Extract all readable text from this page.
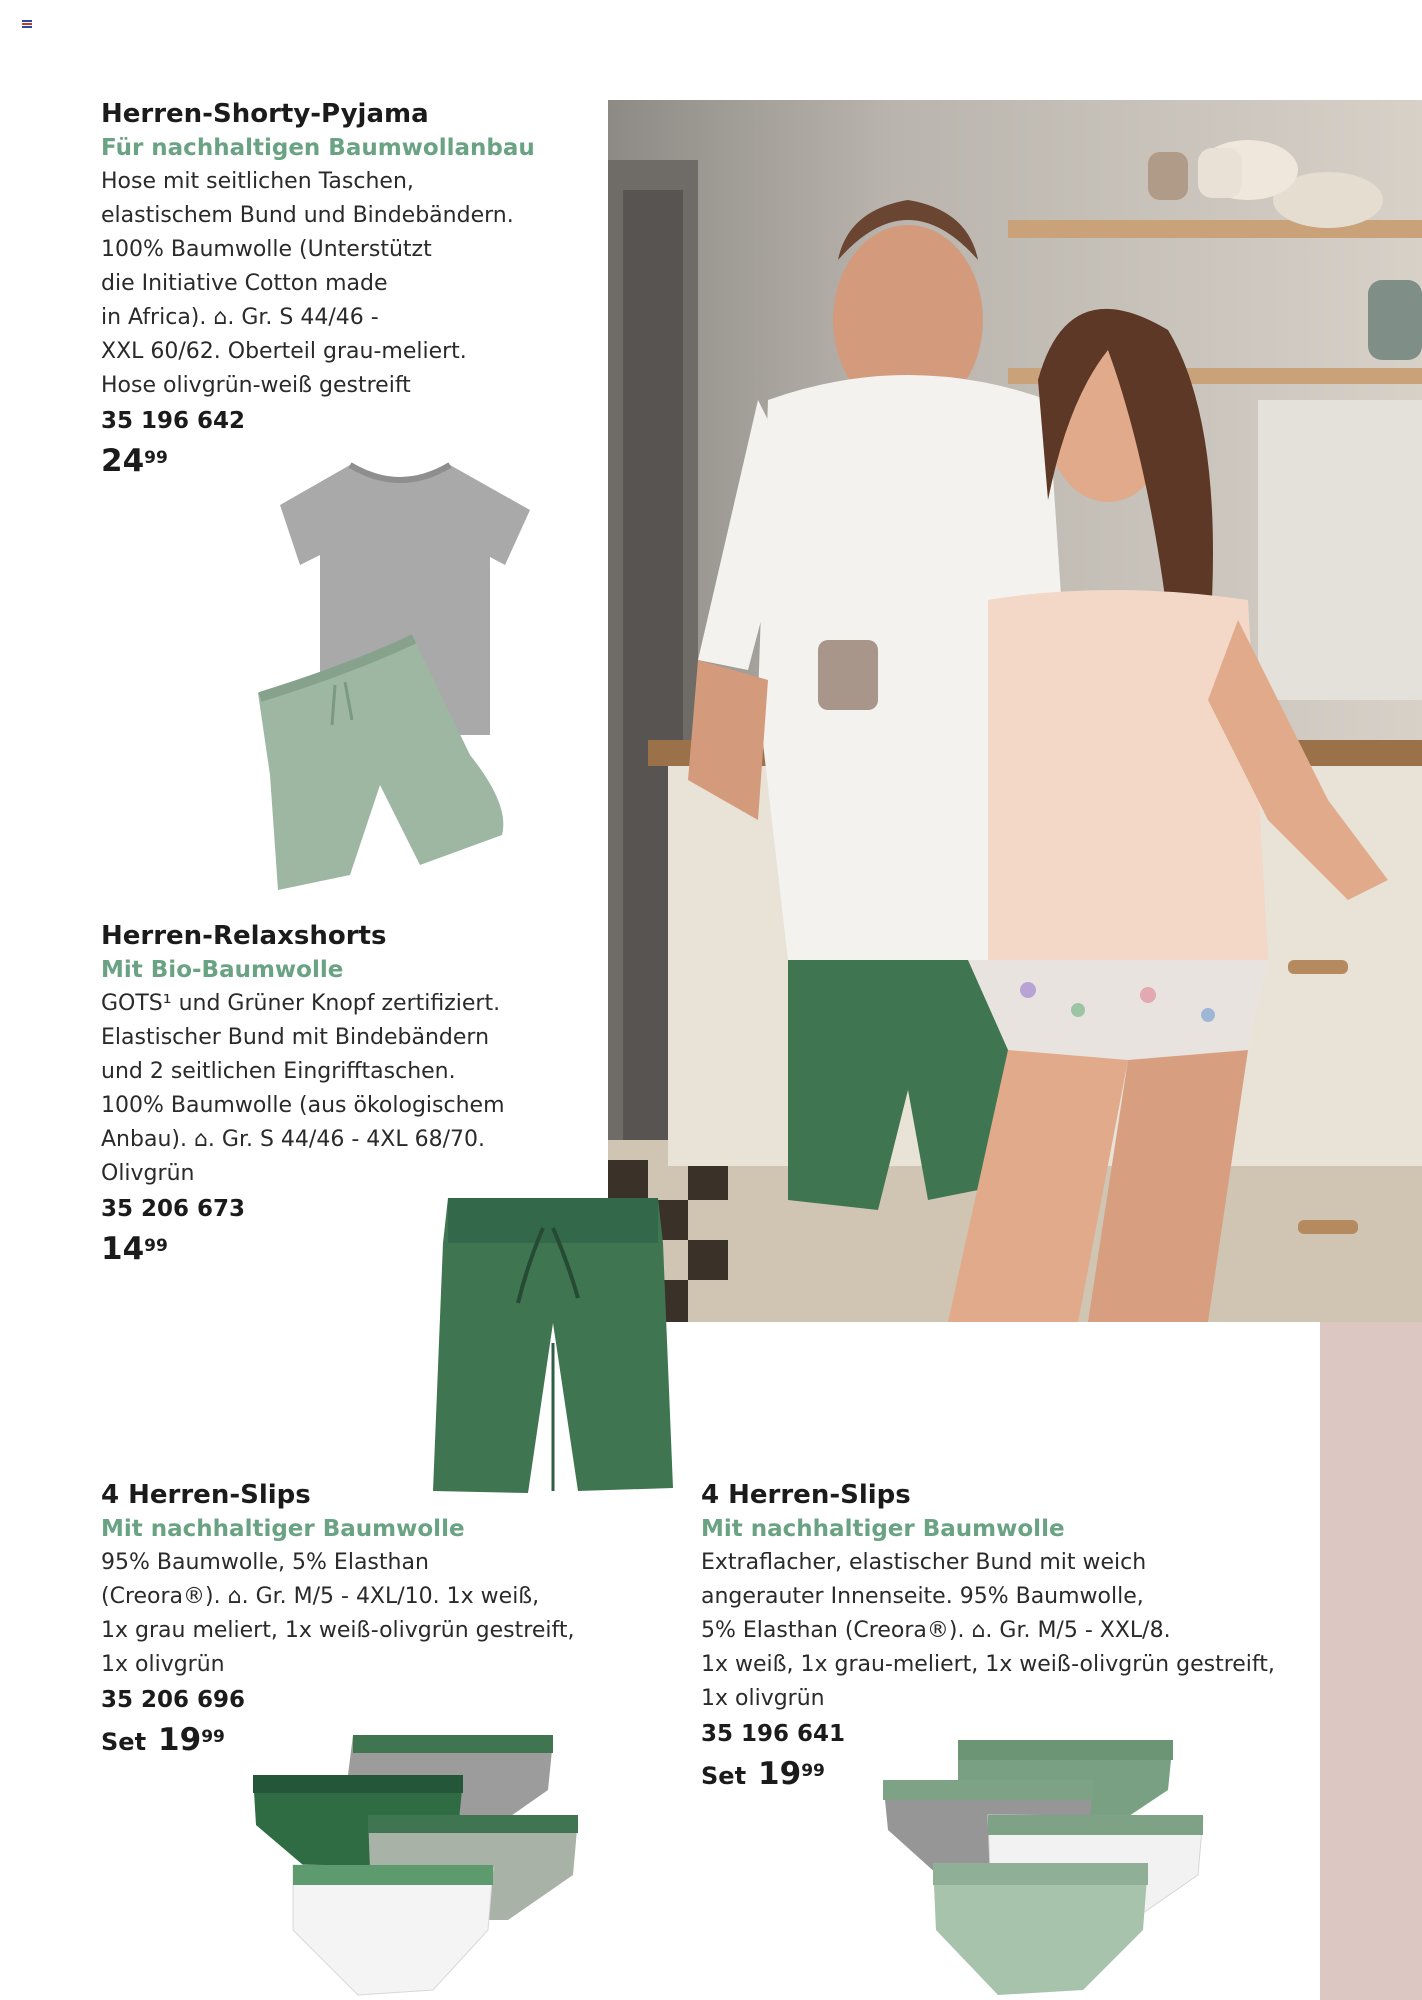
Herren-Shorty-Pyjama
Für nachhaltigen Baumwollanbau
Hose mit seitlichen Taschen,
elastischem Bund und Bindebändern.
100% Baumwolle (Unterstützt
die Initiative Cotton made
in Africa). ⌂. Gr. S 44/46 -
XXL 60/62. Oberteil grau-meliert.
Hose olivgrün-weiß gestreift
35 196 642
$24^{99}$
Herren-Relaxshorts
Mit Bio-Baumwolle
GOTS¹ und Grüner Knopf zertifiziert.
Elastischer Bund mit Bindebändern
und 2 seitlichen Eingrifftaschen.
100% Baumwolle (aus ökologischem
Anbau). ⌂. Gr. S 44/46 - 4XL 68/70.
Olivgrün
35 206 673
$14^{99}$
4 Herren-Slips
Mit nachhaltiger Baumwolle
95% Baumwolle, 5% Elasthan
(Creora®). ⌂. Gr. M/5 - 4XL/10. 1x weiß,
1x grau meliert, 1x weiß-olivgrün gestreift,
1x olivgrün
35 206 696
Set $19^{99}$
4 Herren-Slips
Mit nachhaltiger Baumwolle
Extraflacher, elastischer Bund mit weich
angerauter Innenseite. 95% Baumwolle,
5% Elasthan (Creora®). ⌂. Gr. M/5 - XXL/8.
1x weiß, 1x grau-meliert, 1x weiß-olivgrün gestreift,
1x olivgrün
35 196 641
Set $19^{99}$
